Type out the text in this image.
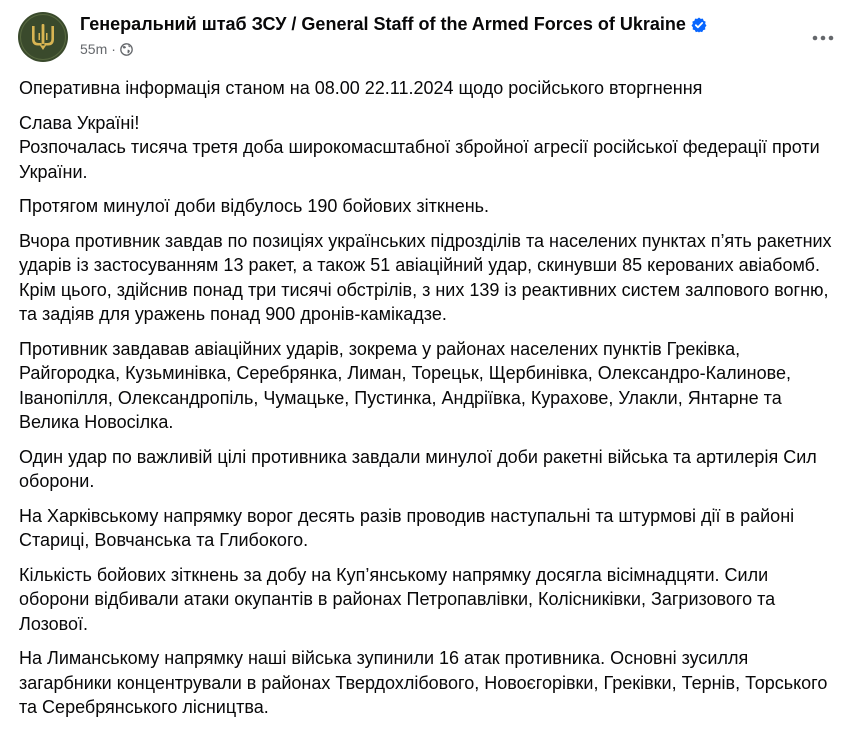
Генеральний штаб ЗСУ / General Staff of the Armed Forces of Ukraine
55m ·

Оперативна інформація станом на 08.00 22.11.2024 щодо російського вторгнення

Слава Україні!
Розпочалась тисяча третя доба широкомасштабної збройної агресії російської федерації проти України.

Протягом минулої доби відбулось 190 бойових зіткнень.

Вчора противник завдав по позиціях українських підрозділів та населених пунктах п’ять ракетних ударів із застосуванням 13 ракет, а також 51 авіаційний удар, скинувши 85 керованих авіабомб. Крім цього, здійснив понад три тисячі обстрілів, з них 139 із реактивних систем залпового вогню, та задіяв для уражень понад 900 дронів-камікадзе.

Противник завдавав авіаційних ударів, зокрема у районах населених пунктів Греківка, Райгородка, Кузьминівка, Серебрянка, Лиман, Торецьк, Щербинівка, Олександро-Калинове, Іванопілля, Олександропіль, Чумацьке, Пустинка, Андріївка, Курахове, Улакли, Янтарне та Велика Новосілка.

Один удар по важливій цілі противника завдали минулої доби ракетні війська та артилерія Сил оборони.

На Харківському напрямку ворог десять разів проводив наступальні та штурмові дії в районі Стариці, Вовчанська та Глибокого.

Кількість бойових зіткнень за добу на Куп’янському напрямку досягла вісімнадцяти. Сили оборони відбивали атаки окупантів в районах Петропавлівки, Колісниківки, Загризового та Лозової.

На Лиманському напрямку наші війська зупинили 16 атак противника. Основні зусилля загарбники концентрували в районах Твердохлібового, Новоєгорівки, Греківки, Тернів, Торського та Серебрянського лісництва.
